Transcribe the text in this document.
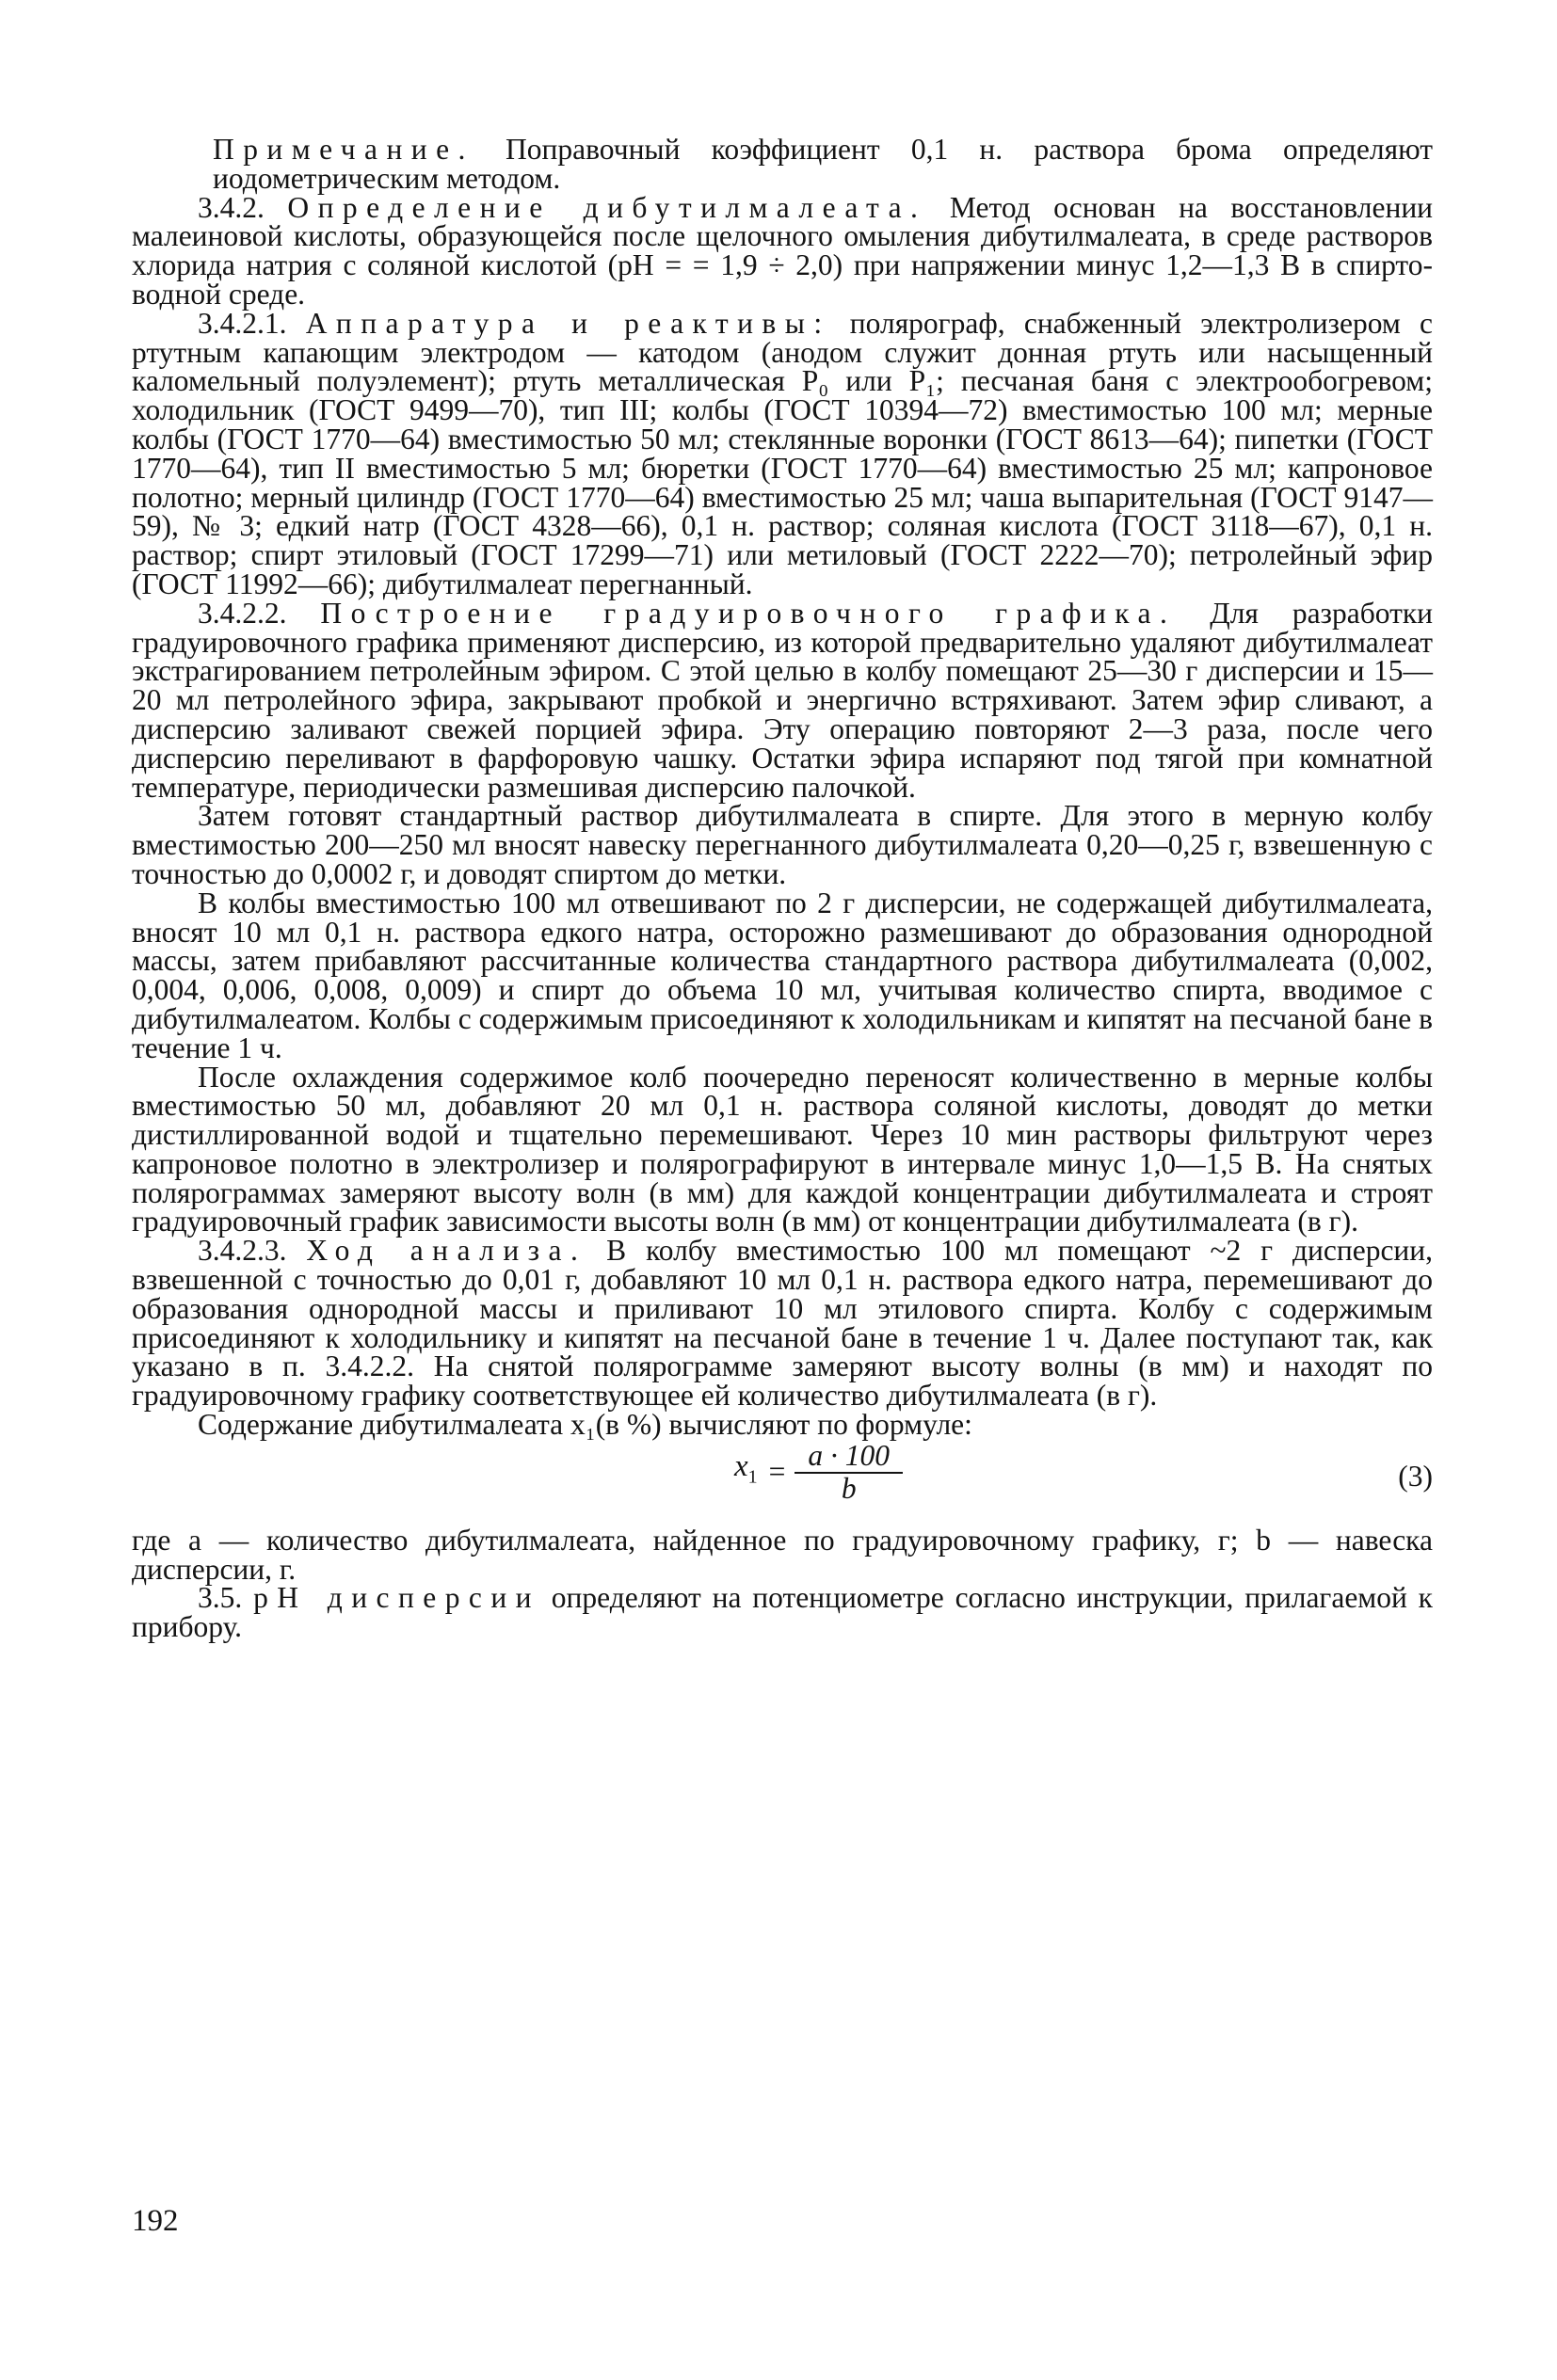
Примечание. Поправочный коэффициент 0,1 н. раствора брома определяют иодометрическим методом.

3.4.2. Определение дибутилмалеата. Метод основан на восстановлении малеиновой кислоты, образующейся после щелочного омыления дибутилмалеата, в среде растворов хлорида натрия с соляной кислотой (pH = = 1,9 ÷ 2,0) при напряжении минус 1,2—1,3 В в спирто-водной среде.

3.4.2.1. Аппаратура и реактивы: полярограф, снабженный электролизером с ртутным капающим электродом — катодом (анодом служит донная ртуть или насыщенный каломельный полуэлемент); ртуть металлическая P₀ или P₁; песчаная баня с электрообогревом; холодильник (ГОСТ 9499—70), тип III; колбы (ГОСТ 10394—72) вместимостью 100 мл; мерные колбы (ГОСТ 1770—64) вместимостью 50 мл; стеклянные воронки (ГОСТ 8613—64); пипетки (ГОСТ 1770—64), тип II вместимостью 5 мл; бюретки (ГОСТ 1770—64) вместимостью 25 мл; капроновое полотно; мерный цилиндр (ГОСТ 1770—64) вместимостью 25 мл; чаша выпарительная (ГОСТ 9147—59), № 3; едкий натр (ГОСТ 4328—66), 0,1 н. раствор; соляная кислота (ГОСТ 3118—67), 0,1 н. раствор; спирт этиловый (ГОСТ 17299—71) или метиловый (ГОСТ 2222—70); петролейный эфир (ГОСТ 11992—66); дибутилмалеат перегнанный.

3.4.2.2. Построение градуировочного графика. Для разработки градуировочного графика применяют дисперсию, из которой предварительно удаляют дибутилмалеат экстрагированием петролейным эфиром. С этой целью в колбу помещают 25—30 г дисперсии и 15—20 мл петролейного эфира, закрывают пробкой и энергично встряхивают. Затем эфир сливают, а дисперсию заливают свежей порцией эфира. Эту операцию повторяют 2—3 раза, после чего дисперсию переливают в фарфоровую чашку. Остатки эфира испаряют под тягой при комнатной температуре, периодически размешивая дисперсию палочкой.

Затем готовят стандартный раствор дибутилмалеата в спирте. Для этого в мерную колбу вместимостью 200—250 мл вносят навеску перегнанного дибутилмалеата 0,20—0,25 г, взвешенную с точностью до 0,0002 г, и доводят спиртом до метки.

В колбы вместимостью 100 мл отвешивают по 2 г дисперсии, не содержащей дибутилмалеата, вносят 10 мл 0,1 н. раствора едкого натра, осторожно размешивают до образования однородной массы, затем прибавляют рассчитанные количества стандартного раствора дибутилмалеата (0,002, 0,004, 0,006, 0,008, 0,009) и спирт до объема 10 мл, учитывая количество спирта, вводимое с дибутилмалеатом. Колбы с содержимым присоединяют к холодильникам и кипятят на песчаной бане в течение 1 ч.

После охлаждения содержимое колб поочередно переносят количественно в мерные колбы вместимостью 50 мл, добавляют 20 мл 0,1 н. раствора соляной кислоты, доводят до метки дистиллированной водой и тщательно перемешивают. Через 10 мин растворы фильтруют через капроновое полотно в электролизер и полярографируют в интервале минус 1,0—1,5 В. На снятых полярограммах замеряют высоту волн (в мм) для каждой концентрации дибутилмалеата и строят градуировочный график зависимости высоты волн (в мм) от концентрации дибутилмалеата (в г).

3.4.2.3. Ход анализа. В колбу вместимостью 100 мл помещают ~2 г дисперсии, взвешенной с точностью до 0,01 г, добавляют 10 мл 0,1 н. раствора едкого натра, перемешивают до образования однородной массы и приливают 10 мл этилового спирта. Колбу с содержимым присоединяют к холодильнику и кипятят на песчаной бане в течение 1 ч. Далее поступают так, как указано в п. 3.4.2.2. На снятой полярограмме замеряют высоту волны (в мм) и находят по градуировочному графику соответствующее ей количество дибутилмалеата (в г).

Содержание дибутилмалеата x₁(в %) вычисляют по формуле:

$x_1 = \frac{a \cdot 100}{b}$	(3)

где a — количество дибутилмалеата, найденное по градуировочному графику, г; b — навеска дисперсии, г.

3.5. pH дисперсии определяют на потенциометре согласно инструкции, прилагаемой к прибору.

192
